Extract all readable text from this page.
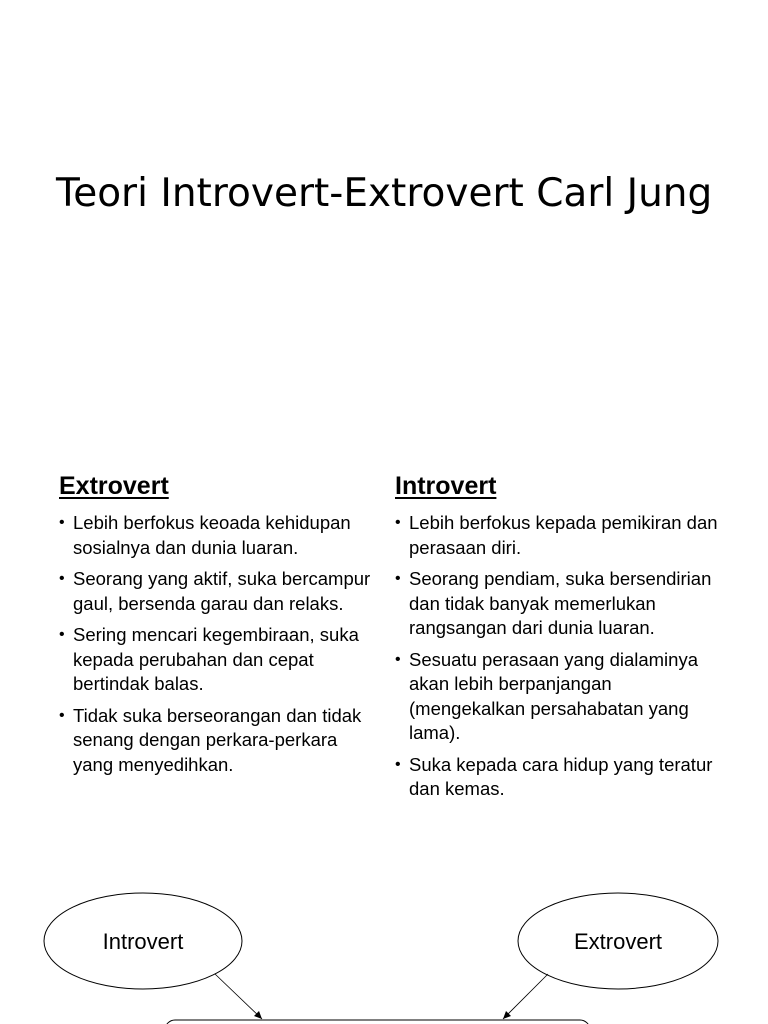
Teori Introvert-Extrovert Carl Jung
Extrovert
• Lebih berfokus keoada kehidupan sosialnya dan dunia luaran.
• Seorang yang aktif, suka bercampur gaul, bersenda garau dan relaks.
• Sering mencari kegembiraan, suka kepada perubahan dan cepat bertindak balas.
• Tidak suka berseorangan dan tidak senang dengan perkara-perkara yang menyedihkan.
Introvert
• Lebih berfokus kepada pemikiran dan perasaan diri.
• Seorang pendiam, suka bersendirian dan tidak banyak memerlukan rangsangan dari dunia luaran.
• Sesuatu perasaan yang dialaminya akan lebih berpanjangan (mengekalkan persahabatan yang lama).
• Suka kepada cara hidup yang teratur dan kemas.
Introvert	Extrovert
